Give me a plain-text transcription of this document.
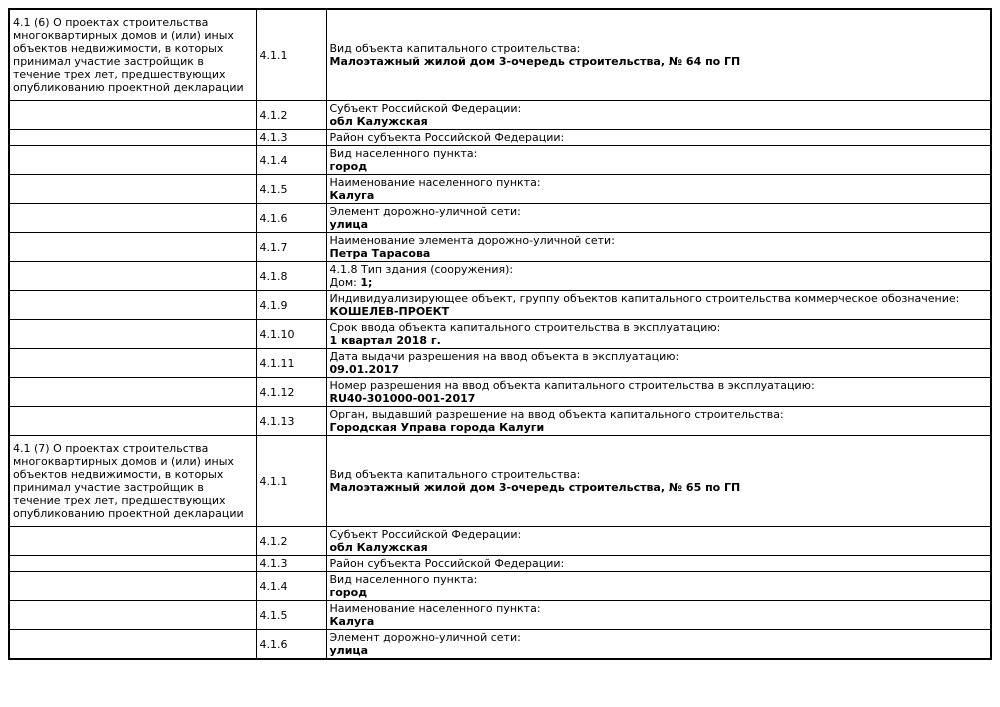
4.1 (6) О проектах строительства многоквартирных домов и (или) иных объектов недвижимости, в которых принимал участие застройщик в течение трех лет, предшествующих опубликованию проектной декларации	4.1.1	Вид объекта капитального строительства:
Малоэтажный жилой дом 3-очередь строительства, № 64 по ГП

	4.1.2	Субъект Российской Федерации:
обл Калужская

	4.1.3	Район субъекта Российской Федерации:

	4.1.4	Вид населенного пункта:
город

	4.1.5	Наименование населенного пункта:
Калуга

	4.1.6	Элемент дорожно-уличной сети:
улица

	4.1.7	Наименование элемента дорожно-уличной сети:
Петра Тарасова

	4.1.8	4.1.8 Тип здания (сооружения):
Дом: 1;

	4.1.9	Индивидуализирующее объект, группу объектов капитального строительства коммерческое обозначение:
КОШЕЛЕВ-ПРОЕКТ

	4.1.10	Срок ввода объекта капитального строительства в эксплуатацию:
1 квартал 2018 г.

	4.1.11	Дата выдачи разрешения на ввод объекта в эксплуатацию:
09.01.2017

	4.1.12	Номер разрешения на ввод объекта капитального строительства в эксплуатацию:
RU40-301000-001-2017

	4.1.13	Орган, выдавший разрешение на ввод объекта капитального строительства:
Городская Управа города Калуги

4.1 (7) О проектах строительства многоквартирных домов и (или) иных объектов недвижимости, в которых принимал участие застройщик в течение трех лет, предшествующих опубликованию проектной декларации	4.1.1	Вид объекта капитального строительства:
Малоэтажный жилой дом 3-очередь строительства, № 65 по ГП

	4.1.2	Субъект Российской Федерации:
обл Калужская

	4.1.3	Район субъекта Российской Федерации:

	4.1.4	Вид населенного пункта:
город

	4.1.5	Наименование населенного пункта:
Калуга

	4.1.6	Элемент дорожно-уличной сети:
улица
